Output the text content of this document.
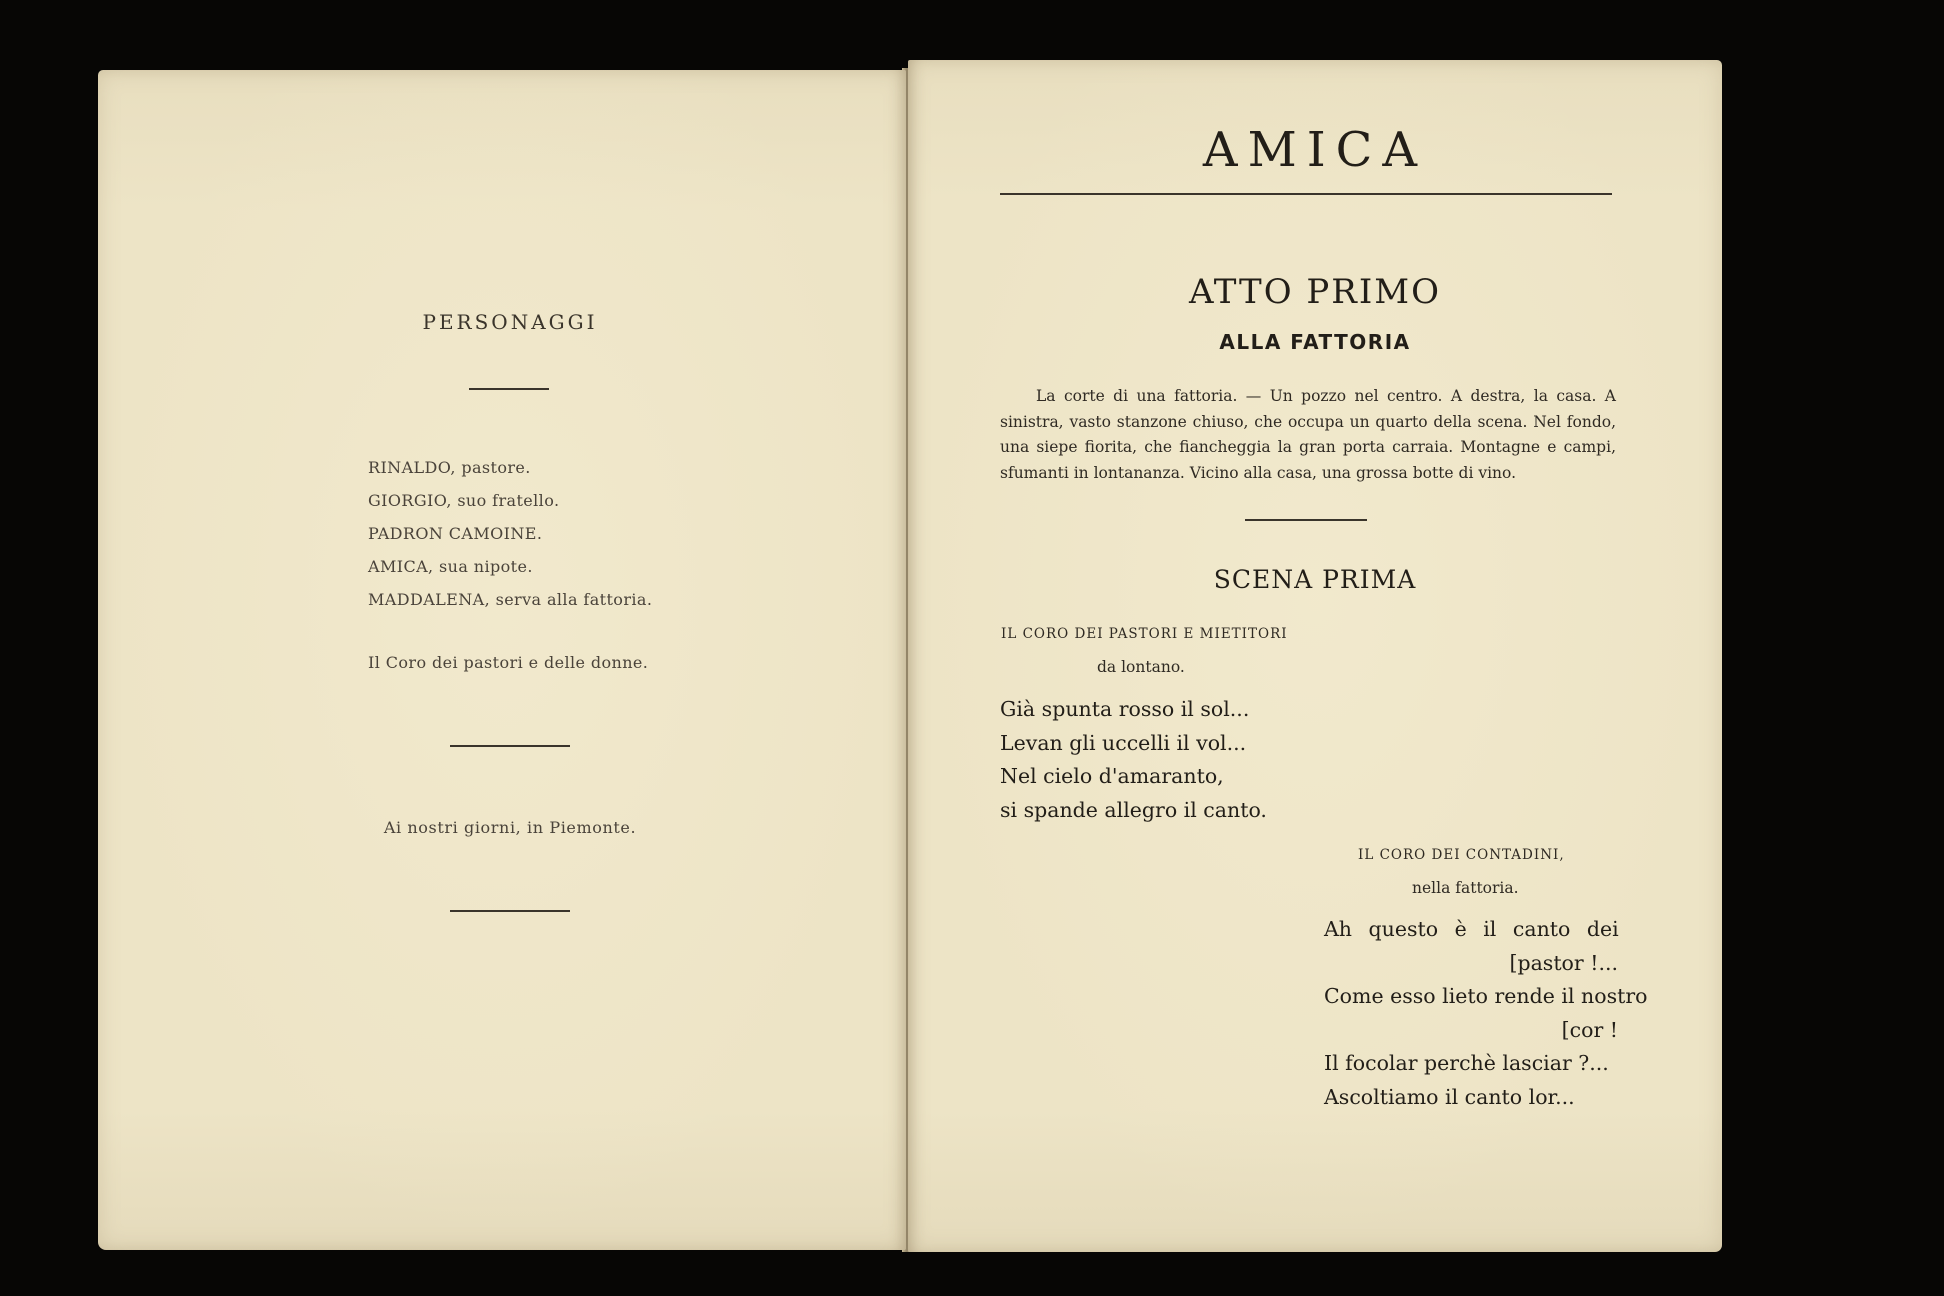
PERSONAGGI
RINALDO, pastore.
GIORGIO, suo fratello.
PADRON CAMOINE.
AMICA, sua nipote.
MADDALENA, serva alla fattoria.
Il Coro dei pastori e delle donne.
Ai nostri giorni, in Piemonte.
AMICA
ATTO PRIMO
ALLA FATTORIA

La corte di una fattoria. — Un pozzo nel centro. A destra, la casa. A sinistra, vasto stanzone chiuso, che occupa un quarto della scena. Nel fondo, una siepe fiorita, che fiancheggia la gran porta carraia. Montagne e campi, sfumanti in lontananza. Vicino alla casa, una grossa botte di vino.

SCENA PRIMA
IL CORO DEI PASTORI E MIETITORI
da lontano.
Già spunta rosso il sol...
Levan gli uccelli il vol...
Nel cielo d'amaranto,
si spande allegro il canto.
IL CORO DEI CONTADINI,
nella fattoria.
Ah questo è il canto dei
[pastor !...
Come esso lieto rende il nostro
[cor !
Il focolar perchè lasciar ?...
Ascoltiamo il canto lor...
